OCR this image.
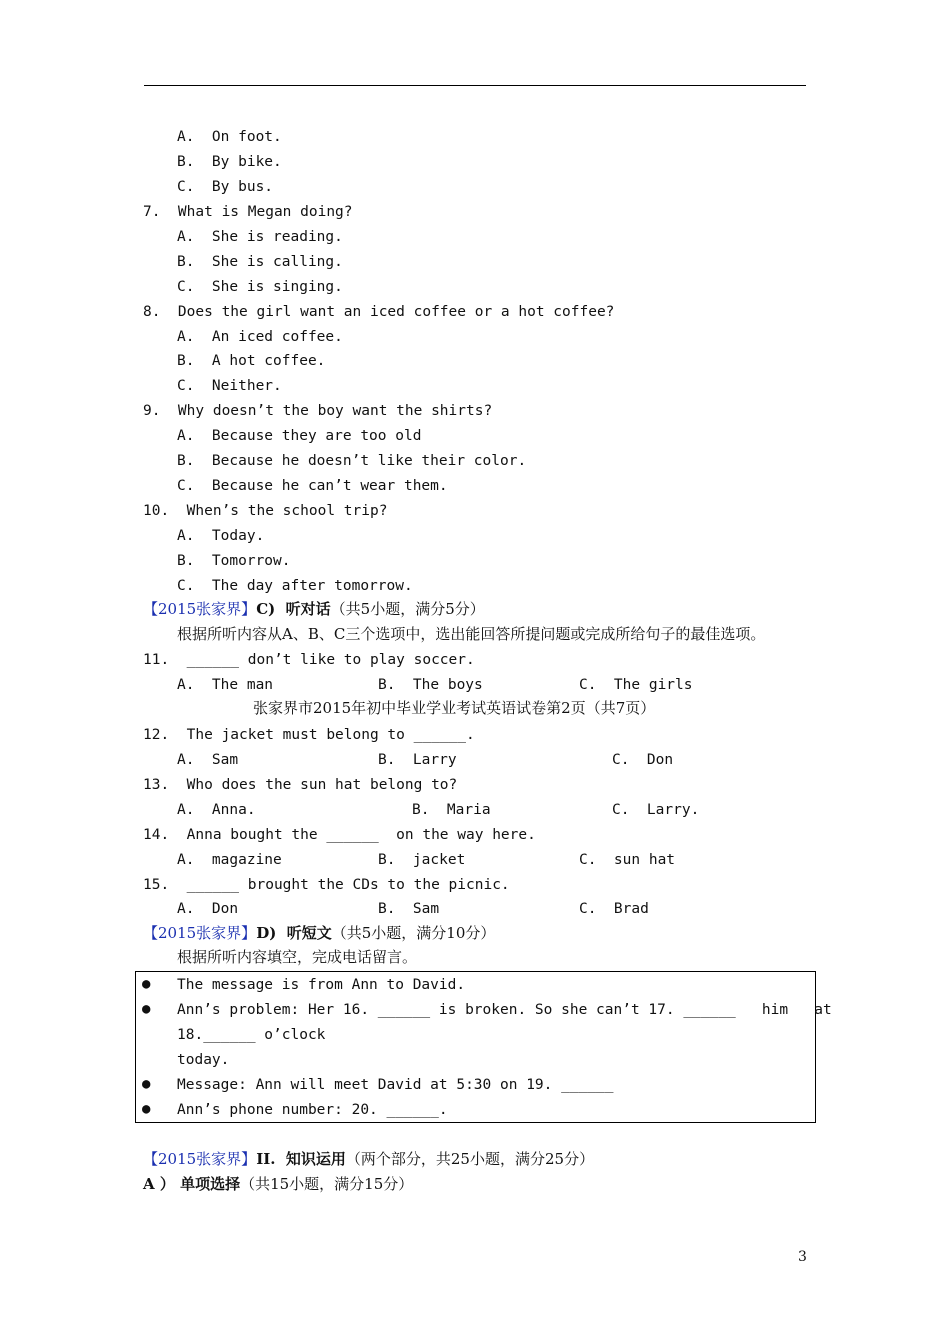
A.  On foot.
B.  By bike.
C.  By bus.
7.  What is Megan doing?
A.  She is reading.
B.  She is calling.
C.  She is singing.
8.  Does the girl want an iced coffee or a hot coffee?
A.  An iced coffee.
B.  A hot coffee.
C.  Neither.
9.  Why doesn’t the boy want the shirts?
A.  Because they are too old
B.  Because he doesn’t like their color.
C.  Because he can’t wear them.
10.  When’s the school trip?
A.  Today.
B.  Tomorrow.
C.  The day after tomorrow.
【2015张家界】C)  听对话（共5小题，满分5分）
根据所听内容从A、B、C三个选项中，选出能回答所提问题或完成所给句子的最佳选项。
11.  ______ don’t like to play soccer.
A.  The man	B.  The boys	C.  The girls
张家界市2015年初中毕业学业考试英语试卷第2页（共7页）
12.  The jacket must belong to ______.
A.  Sam	B.  Larry	C.  Don
13.  Who does the sun hat belong to?
A.  Anna.	B.  Maria	C.  Larry.
14.  Anna bought the ______  on the way here.
A.  magazine	B.  jacket	C.  sun hat
15.  ______ brought the CDs to the picnic.
A.  Don	B.  Sam	C.  Brad
【2015张家界】D)  听短文（共5小题，满分10分）
根据所听内容填空，完成电话留言。
● The message is from Ann to David.
● Ann’s problem: Her 16. ______ is broken. So she can’t 17. ______   him   at
18.______ o’clock
today.
● Message: Ann will meet David at 5:30 on 19. ______
● Ann’s phone number: 20. ______.
【2015张家界】II.  知识运用（两个部分，共25小题，满分25分）
A ） 单项选择（共15小题，满分15分）
3
